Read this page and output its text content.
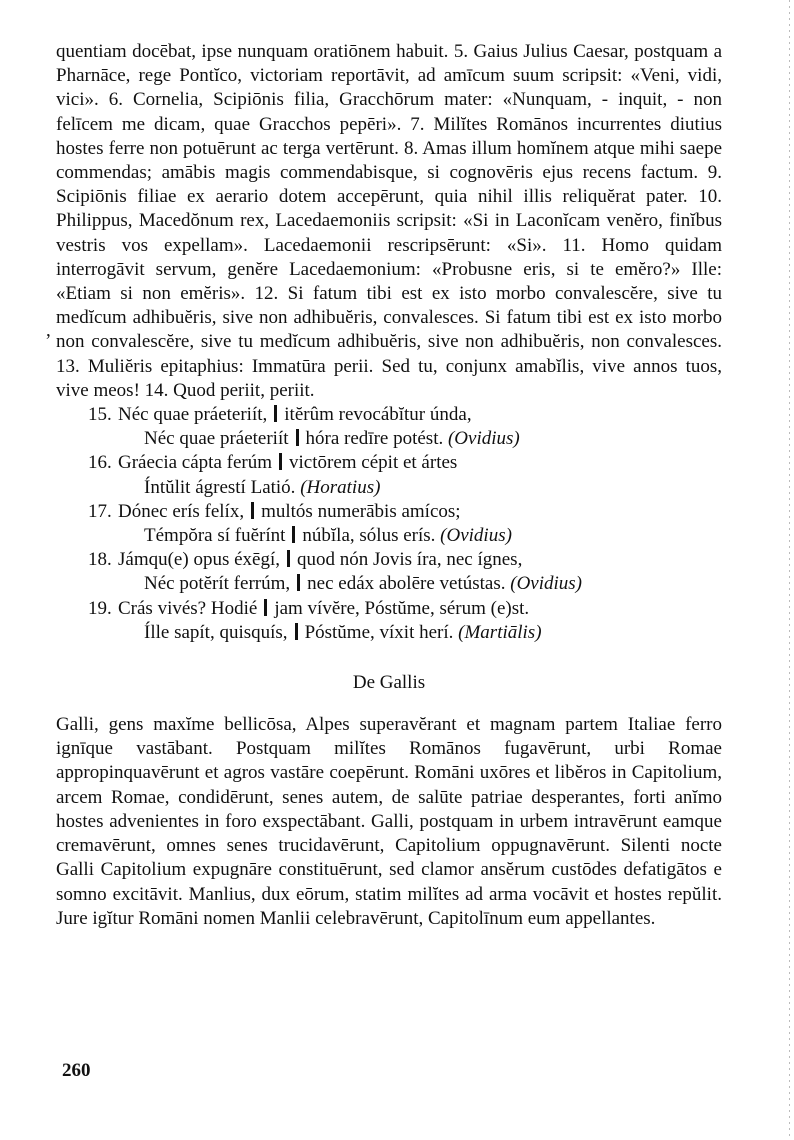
quentiam docēbat, ipse nunquam oratiōnem habuit. 5. Gaius Julius Caesar, postquam a Pharnāce, rege Pontĭco, victoriam reportāvit, ad amīcum suum scripsit: «Veni, vidi, vici». 6. Cornelia, Scipiōnis filia, Gracchōrum mater: «Nunquam, - inquit, - non felīcem me dicam, quae Gracchos pepēri». 7. Milĭtes Romānos incurrentes diutius hostes ferre non potuērunt ac terga vertērunt. 8. Amas illum homĭnem atque mihi saepe commendas; amābis magis commendabisque, si cognovēris ejus recens factum. 9. Scipiōnis filiae ex aerario dotem accepērunt, quia nihil illis reliquĕrat pater. 10. Philippus, Macedŏnum rex, Lacedaemoniis scripsit: «Si in Laconĭcam venĕro, finĭbus vestris vos expellam». Lacedaemonii rescripsērunt: «Si». 11. Homo quidam interrogāvit servum, genĕre Lacedaemonium: «Probusne eris, si te emĕro?» Ille: «Etiam si non emĕris». 12. Si fatum tibi est ex isto morbo convalescĕre, sive tu medĭcum adhibuĕris, sive non adhibuĕris, convalesces. Si fatum tibi est ex isto morbo non convalescĕre, sive tu medĭcum adhibuĕris, sive non adhibuĕris, non convalesces. 13. Muliĕris epitaphius: Immatūra perii. Sed tu, conjunx amabĭlis, vive annos tuos, vive meos! 14. Quod periit, periit.

15. Néc quae práeteriít, itĕrûm revocábĭtur únda,
Néc quae práeteriít hóra redīre potést. (Ovidius)
16. Gráecia cápta ferúm victōrem cépit et ártes
Íntŭlit ágrestí Latió. (Horatius)
17. Dónec erís felíx, multós numerābis amícos;
Témpŏra sí fuĕrínt núbĭla, sólus erís. (Ovidius)
18. Jámqu(e) opus éxēgí, quod nón Jovis íra, nec ígnes,
Néc potĕrít ferrúm, nec edáx abolēre vetústas. (Ovidius)
19. Crás vivés? Hodié jam vívĕre, Póstŭme, sérum (e)st.
Ílle sapít, quisquís, Póstŭme, víxit herí. (Martiālis)
De Gallis

Galli, gens maxĭme bellicōsa, Alpes superavĕrant et magnam partem Italiae ferro ignīque vastābant. Postquam milĭtes Romānos fugavērunt, urbi Romae appropinquavērunt et agros vastāre coepērunt. Romāni uxōres et libĕros in Capitolium, arcem Romae, condidērunt, senes autem, de salūte patriae desperantes, forti anĭmo hostes advenientes in foro exspectābant. Galli, postquam in urbem intravērunt eamque cremavērunt, omnes senes trucidavērunt, Capitolium oppugnavērunt. Silenti nocte Galli Capitolium expugnāre constituērunt, sed clamor ansĕrum custōdes defatigātos e somno excitāvit. Manlius, dux eōrum, statim milĭtes ad arma vocāvit et hostes repŭlit. Jure igĭtur Romāni nomen Manlii celebravērunt, Capitolīnum eum appellantes.

,
260
